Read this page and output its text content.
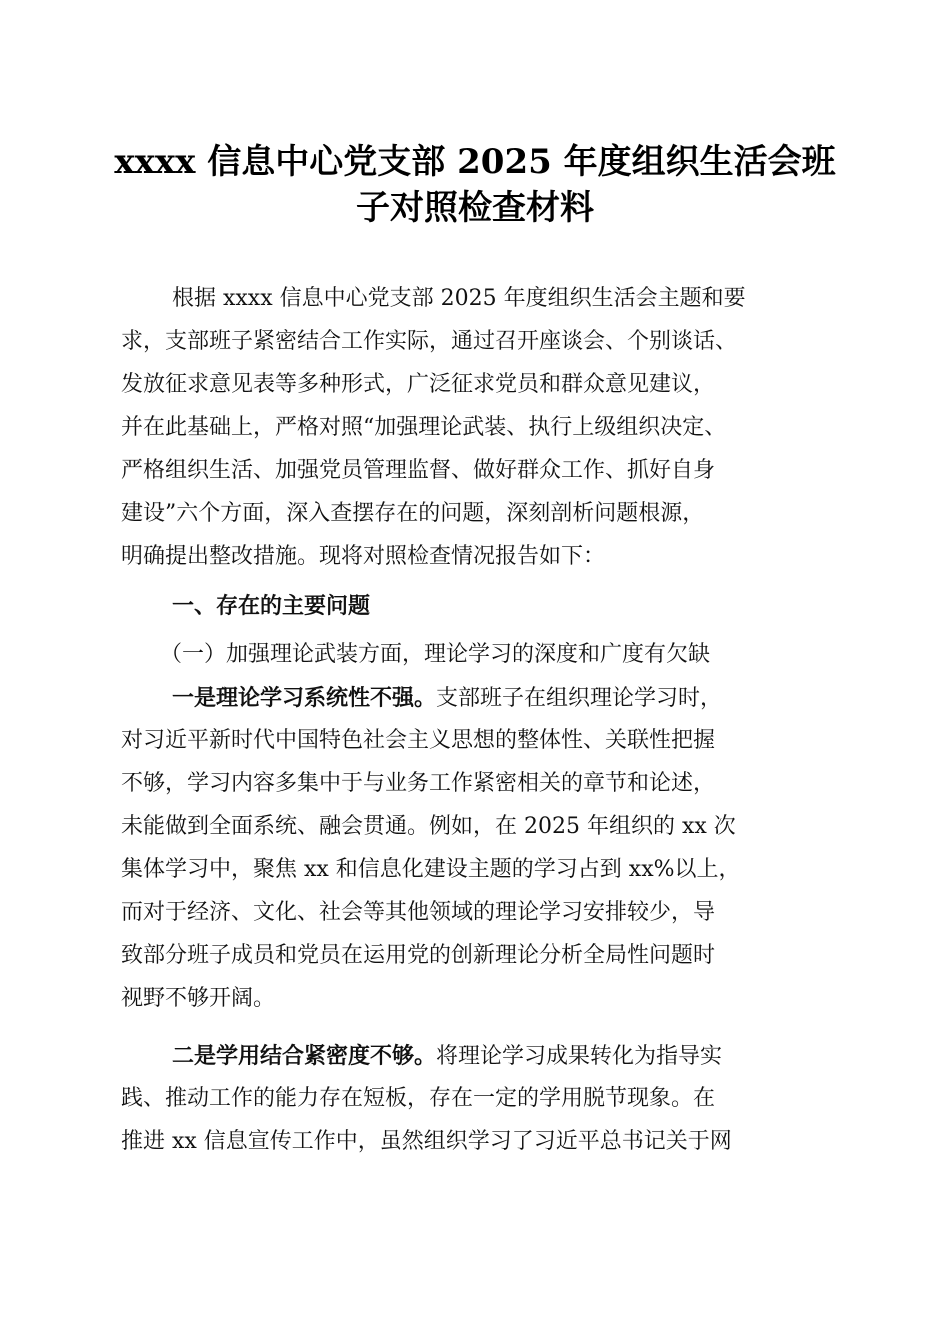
xxxx 信息中心党支部 2025 年度组织生活会班
子对照检查材料
根据 xxxx 信息中心党支部 2025 年度组织生活会主题和要
求，支部班子紧密结合工作实际，通过召开座谈会、个别谈话、
发放征求意见表等多种形式，广泛征求党员和群众意见建议，
并在此基础上，严格对照“加强理论武装、执行上级组织决定、
严格组织生活、加强党员管理监督、做好群众工作、抓好自身
建设”六个方面，深入查摆存在的问题，深刻剖析问题根源，
明确提出整改措施。现将对照检查情况报告如下：
一、存在的主要问题
（一）加强理论武装方面，理论学习的深度和广度有欠缺
一是理论学习系统性不强。支部班子在组织理论学习时，
对习近平新时代中国特色社会主义思想的整体性、关联性把握
不够，学习内容多集中于与业务工作紧密相关的章节和论述，
未能做到全面系统、融会贯通。例如，在 2025 年组织的 xx 次
集体学习中，聚焦 xx 和信息化建设主题的学习占到 xx%以上，
而对于经济、文化、社会等其他领域的理论学习安排较少，导
致部分班子成员和党员在运用党的创新理论分析全局性问题时
视野不够开阔。
二是学用结合紧密度不够。将理论学习成果转化为指导实
践、推动工作的能力存在短板，存在一定的学用脱节现象。在
推进 xx 信息宣传工作中，虽然组织学习了习近平总书记关于网
